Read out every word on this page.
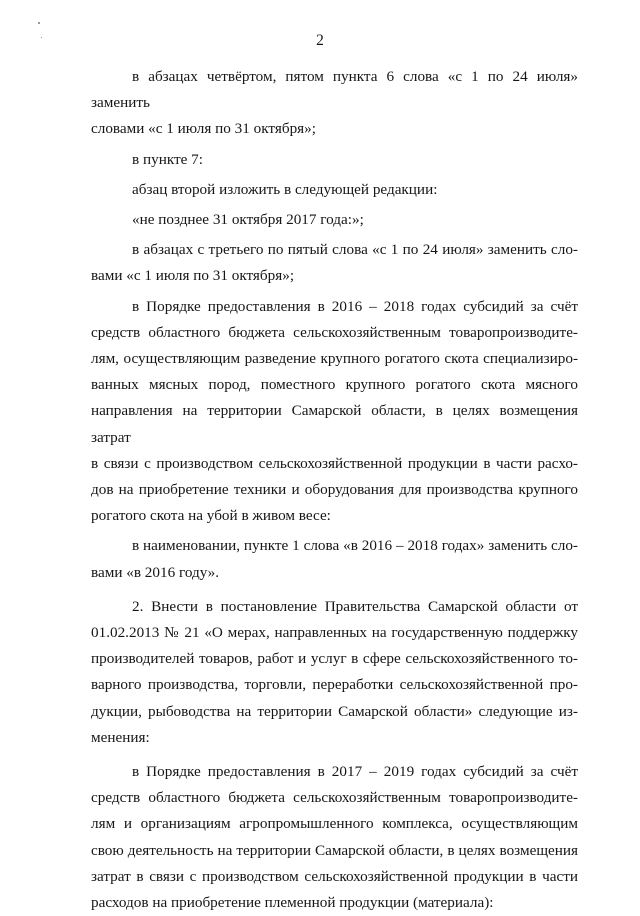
2

в абзацах четвёртом, пятом пункта 6 слова «с 1 по 24 июля» заменить

словами «с 1 июля по 31 октября»;

в пункте 7:

абзац второй изложить в следующей редакции:

«не позднее 31 октября 2017 года:»;

в абзацах с третьего по пятый слова «с 1 по 24 июля» заменить сло-

вами «с 1 июля по 31 октября»;

в Порядке предоставления в 2016 – 2018 годах субсидий за счёт

средств областного бюджета сельскохозяйственным товаропроизводите-

лям, осуществляющим разведение крупного рогатого скота специализиро-

ванных мясных пород, поместного крупного рогатого скота мясного

направления на территории Самарской области, в целях возмещения затрат

в связи с производством сельскохозяйственной продукции в части расхо-

дов на приобретение техники и оборудования для производства крупного

рогатого скота на убой в живом весе:

в наименовании, пункте 1 слова «в 2016 – 2018 годах» заменить сло-

вами «в 2016 году».

2. Внести в постановление Правительства Самарской области от

01.02.2013 № 21 «О мерах, направленных на государственную поддержку

производителей товаров, работ и услуг в сфере сельскохозяйственного то-

варного производства, торговли, переработки сельскохозяйственной про-

дукции, рыбоводства на территории Самарской области» следующие из-

менения:

в Порядке предоставления в 2017 – 2019 годах субсидий за счёт

средств областного бюджета сельскохозяйственным товаропроизводите-

лям и организациям агропромышленного комплекса, осуществляющим

свою деятельность на территории Самарской области, в целях возмещения

затрат в связи с производством сельскохозяйственной продукции в части

расходов на приобретение племенной продукции (материала):
